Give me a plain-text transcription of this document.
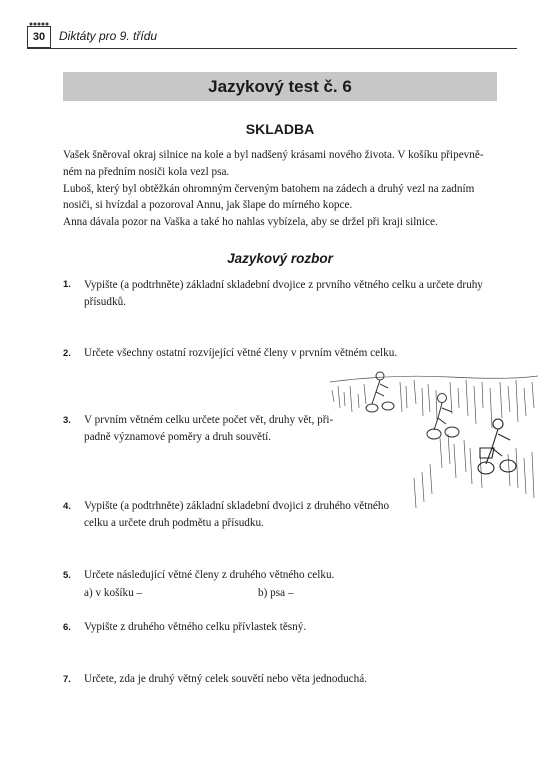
30	Diktáty pro 9. třídu
Jazykový test č. 6
SKLADBA
Vašek šněroval okraj silnice na kole a byl nadšený krásami nového života. V košíku připevně-
ném na předním nosiči kola vezl psa.
Luboš, který byl obtěžkán ohromným červeným batohem na zádech a druhý vezl na zadním
nosiči, si hvízdal a pozoroval Annu, jak šlape do mírného kopce.
Anna dávala pozor na Vaška a také ho nahlas vybízela, aby se držel při kraji silnice.
Jazykový rozbor
1. Vypište (a podtrhněte) základní skladební dvojice z prvního větného celku a určete druhy
přísudků.
2. Určete všechny ostatní rozvíjející větné členy v prvním větném celku.
3. V prvním větném celku určete počet vět, druhy vět, při-
padně významové poměry a druh souvětí.
4. Vypište (a podtrhněte) základní skladební dvojici z druhého větného
celku a určete druh podmětu a přísudku.
5. Určete následující větné členy z druhého větného celku.
a) v košíku –	b) psa –
6. Vypište z druhého větného celku přívlastek těsný.
7. Určete, zda je druhý větný celek souvětí nebo věta jednoduchá.
